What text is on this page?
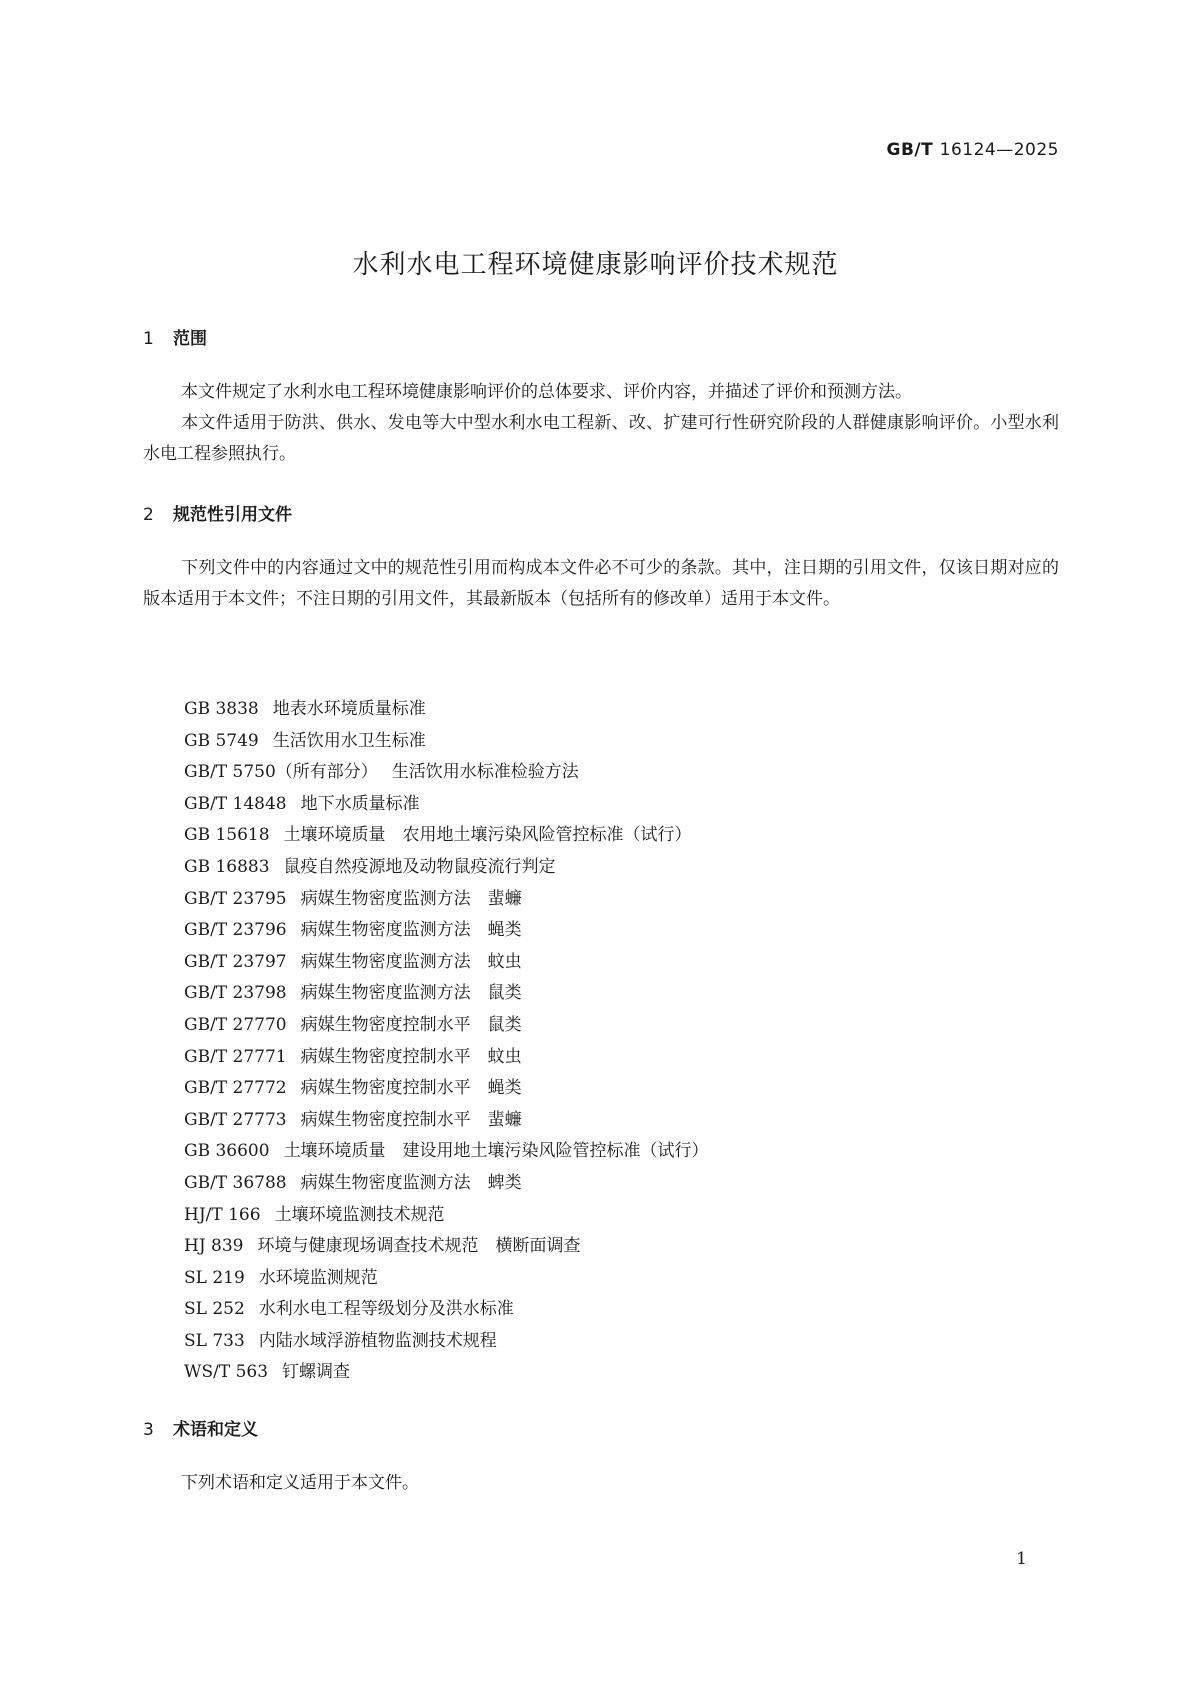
GB/T 16124—2025
水利水电工程环境健康影响评价技术规范
1 范围
本文件规定了水利水电工程环境健康影响评价的总体要求、评价内容，并描述了评价和预测方法。
本文件适用于防洪、供水、发电等大中型水利水电工程新、改、扩建可行性研究阶段的人群健康影响评价。小型水利水电工程参照执行。
2 规范性引用文件
下列文件中的内容通过文中的规范性引用而构成本文件必不可少的条款。其中，注日期的引用文件，仅该日期对应的版本适用于本文件；不注日期的引用文件，其最新版本（包括所有的修改单）适用于本文件。
GB 3838 地表水环境质量标准
GB 5749 生活饮用水卫生标准
GB/T 5750（所有部分） 生活饮用水标准检验方法
GB/T 14848 地下水质量标准
GB 15618 土壤环境质量　农用地土壤污染风险管控标准（试行）
GB 16883 鼠疫自然疫源地及动物鼠疫流行判定
GB/T 23795 病媒生物密度监测方法　蜚蠊
GB/T 23796 病媒生物密度监测方法　蝇类
GB/T 23797 病媒生物密度监测方法　蚊虫
GB/T 23798 病媒生物密度监测方法　鼠类
GB/T 27770 病媒生物密度控制水平　鼠类
GB/T 27771 病媒生物密度控制水平　蚊虫
GB/T 27772 病媒生物密度控制水平　蝇类
GB/T 27773 病媒生物密度控制水平　蜚蠊
GB 36600 土壤环境质量　建设用地土壤污染风险管控标准（试行）
GB/T 36788 病媒生物密度监测方法　蜱类
HJ/T 166 土壤环境监测技术规范
HJ 839 环境与健康现场调查技术规范　横断面调查
SL 219 水环境监测规范
SL 252 水利水电工程等级划分及洪水标准
SL 733 内陆水域浮游植物监测技术规程
WS/T 563 钉螺调查
3 术语和定义
下列术语和定义适用于本文件。
1
